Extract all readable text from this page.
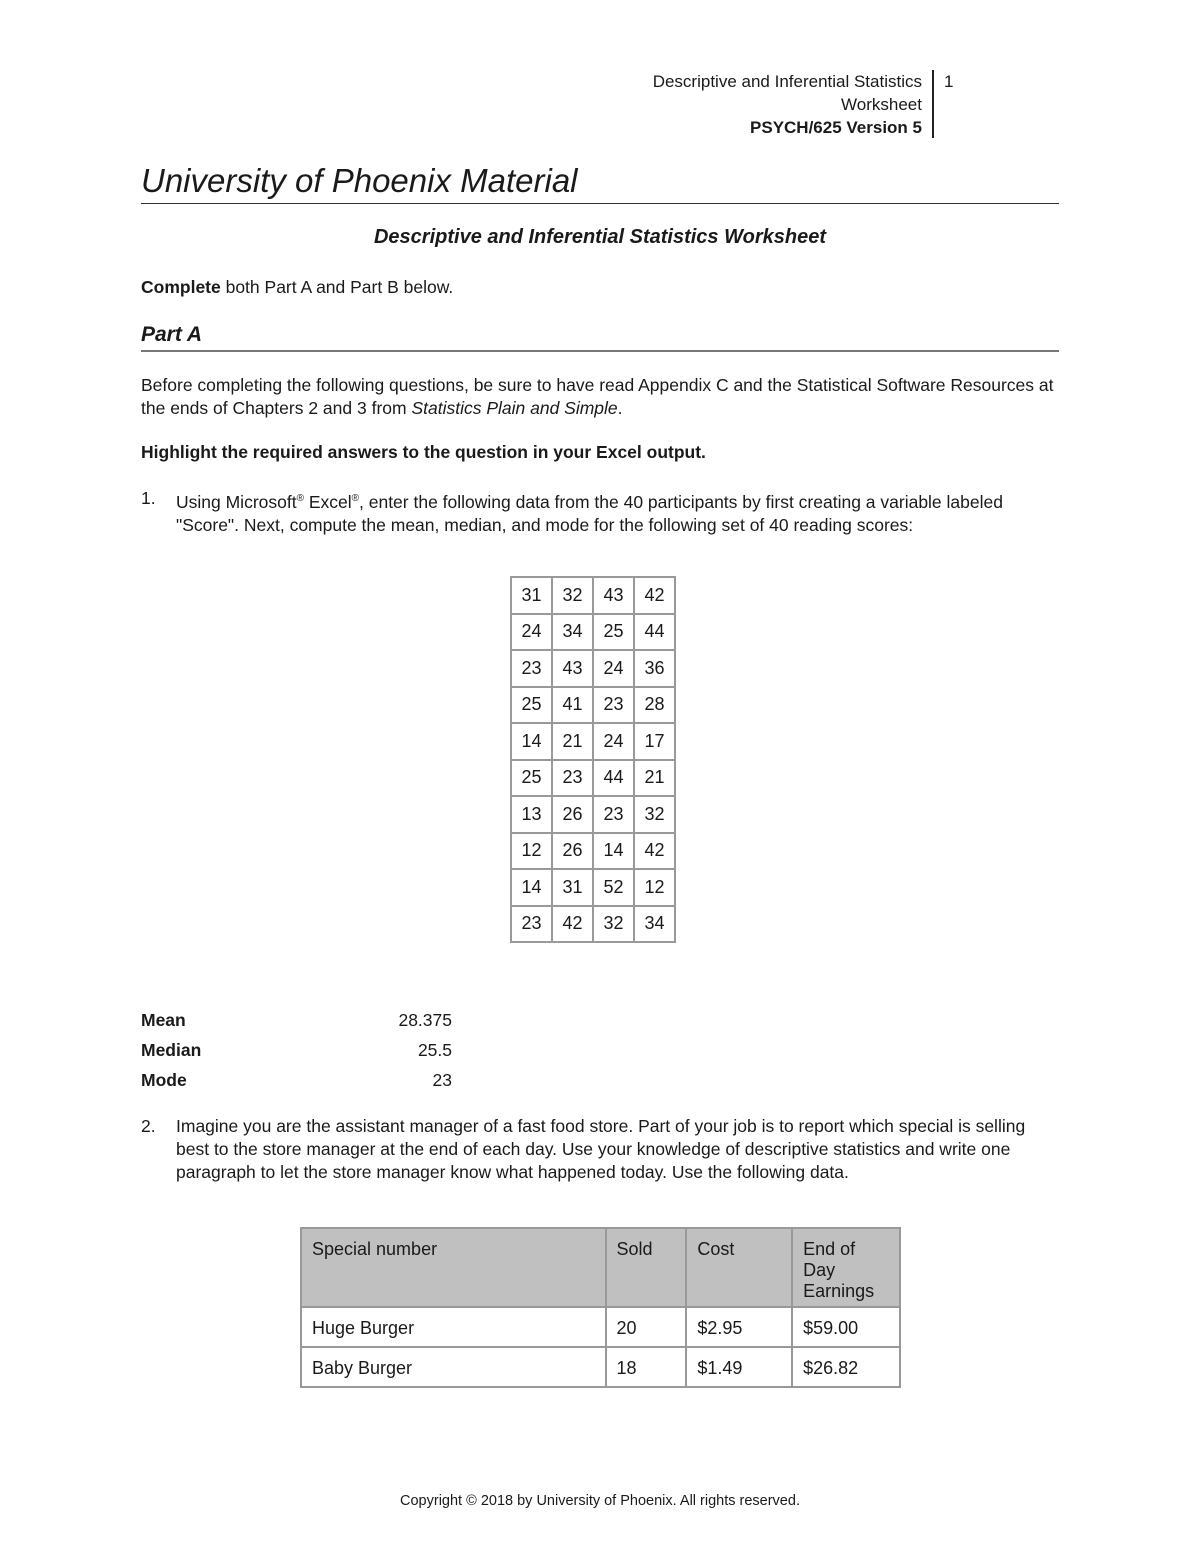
Descriptive and Inferential Statistics
Worksheet
PSYCH/625 Version 5
1
University of Phoenix Material
Descriptive and Inferential Statistics Worksheet
Complete both Part A and Part B below.
Part A
Before completing the following questions, be sure to have read Appendix C and the Statistical Software Resources at the ends of Chapters 2 and 3 from Statistics Plain and Simple.
Highlight the required answers to the question in your Excel output.
1. Using Microsoft® Excel®, enter the following data from the 40 participants by first creating a variable labeled "Score". Next, compute the mean, median, and mode for the following set of 40 reading scores:
31	32	43	42
24	34	25	44
23	43	24	36
25	41	23	28
14	21	24	17
25	23	44	21
13	26	23	32
12	26	14	42
14	31	52	12
23	42	32	34
Mean	28.375
Median	25.5
Mode	23
2. Imagine you are the assistant manager of a fast food store. Part of your job is to report which special is selling best to the store manager at the end of each day. Use your knowledge of descriptive statistics and write one paragraph to let the store manager know what happened today. Use the following data.
Special number	Sold	Cost	End of Day Earnings
Huge Burger	20	$2.95	$59.00
Baby Burger	18	$1.49	$26.82
Copyright © 2018 by University of Phoenix. All rights reserved.
